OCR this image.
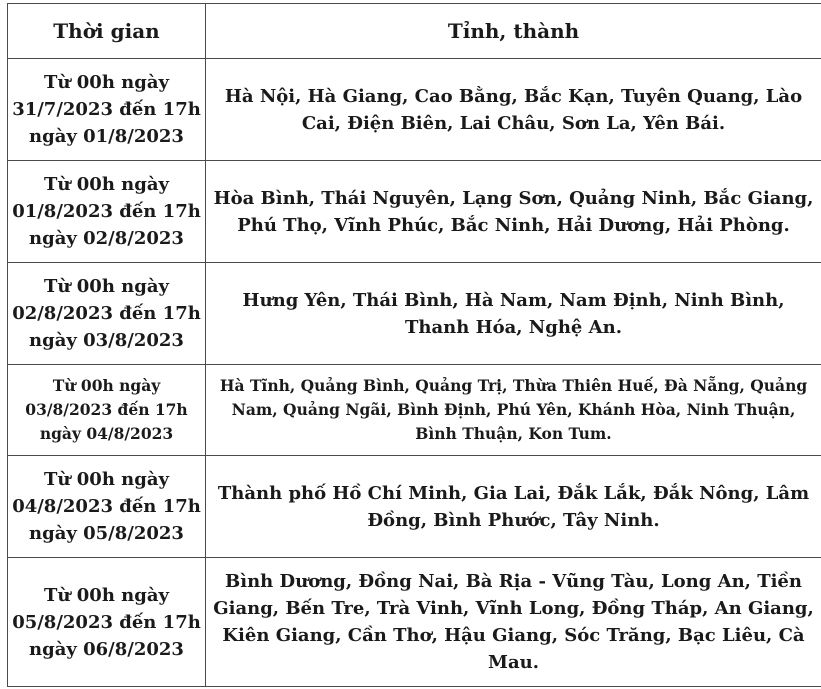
Thời gian	Tỉnh, thành
Từ 00h ngày 31/7/2023 đến 17h ngày 01/8/2023	Hà Nội, Hà Giang, Cao Bằng, Bắc Kạn, Tuyên Quang, Lào Cai, Điện Biên, Lai Châu, Sơn La, Yên Bái.
Từ 00h ngày 01/8/2023 đến 17h ngày 02/8/2023	Hòa Bình, Thái Nguyên, Lạng Sơn, Quảng Ninh, Bắc Giang, Phú Thọ, Vĩnh Phúc, Bắc Ninh, Hải Dương, Hải Phòng.
Từ 00h ngày 02/8/2023 đến 17h ngày 03/8/2023	Hưng Yên, Thái Bình, Hà Nam, Nam Định, Ninh Bình, Thanh Hóa, Nghệ An.
Từ 00h ngày 03/8/2023 đến 17h ngày 04/8/2023	Hà Tĩnh, Quảng Bình, Quảng Trị, Thừa Thiên Huế, Đà Nẵng, Quảng Nam, Quảng Ngãi, Bình Định, Phú Yên, Khánh Hòa, Ninh Thuận, Bình Thuận, Kon Tum.
Từ 00h ngày 04/8/2023 đến 17h ngày 05/8/2023	Thành phố Hồ Chí Minh, Gia Lai, Đắk Lắk, Đắk Nông, Lâm Đồng, Bình Phước, Tây Ninh.
Từ 00h ngày 05/8/2023 đến 17h ngày 06/8/2023	Bình Dương, Đồng Nai, Bà Rịa - Vũng Tàu, Long An, Tiền Giang, Bến Tre, Trà Vinh, Vĩnh Long, Đồng Tháp, An Giang, Kiên Giang, Cần Thơ, Hậu Giang, Sóc Trăng, Bạc Liêu, Cà Mau.
